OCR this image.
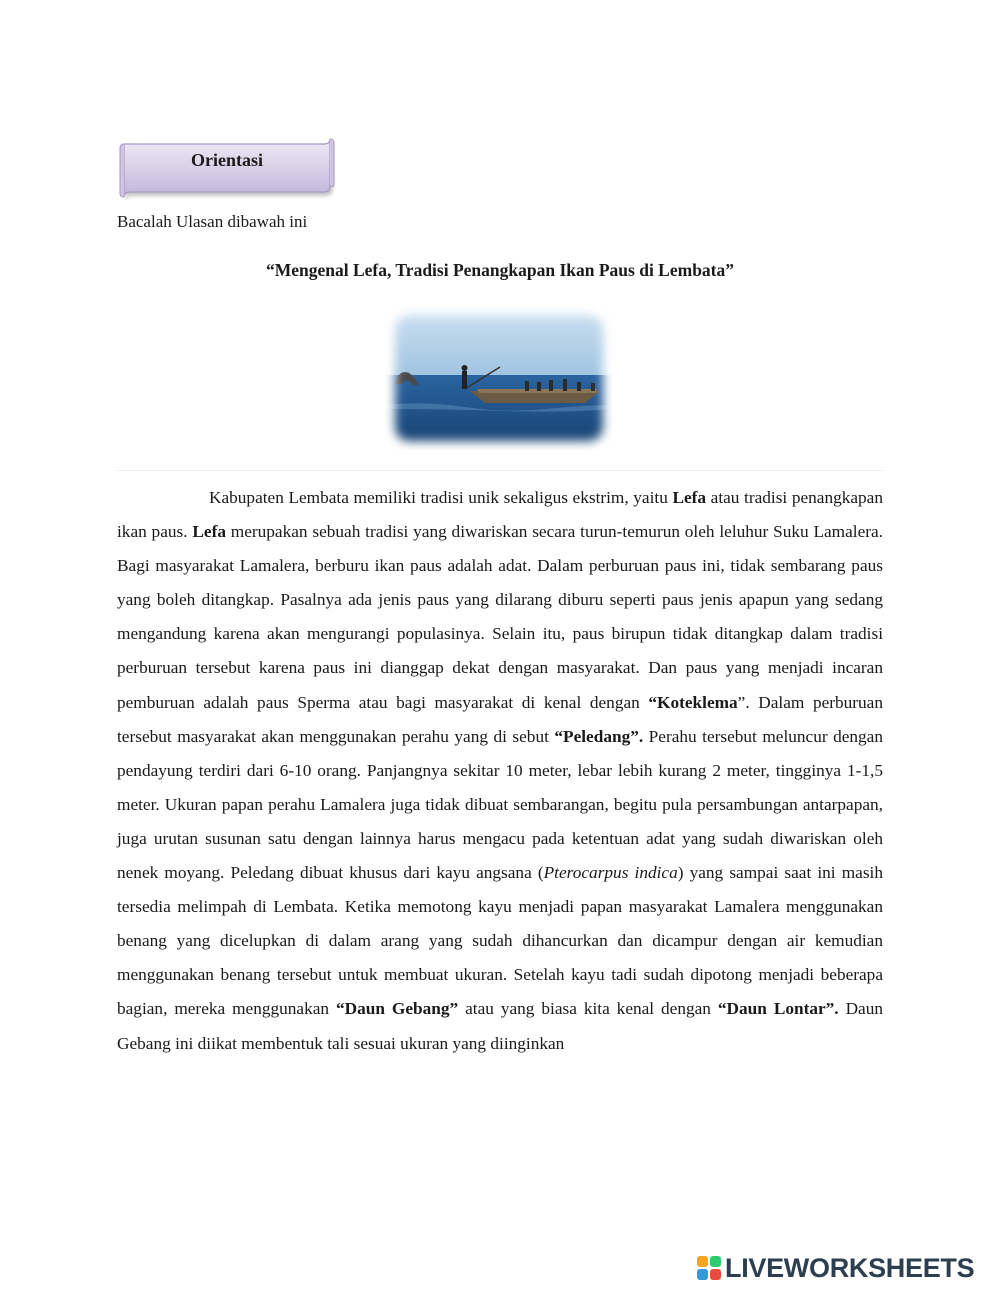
Orientasi
Bacalah Ulasan dibawah ini
“Mengenal Lefa, Tradisi Penangkapan Ikan Paus di Lembata”

Kabupaten Lembata memiliki tradisi unik sekaligus ekstrim, yaitu Lefa atau tradisi penangkapan ikan paus. Lefa merupakan sebuah tradisi yang diwariskan secara turun-temurun oleh leluhur Suku Lamalera. Bagi masyarakat Lamalera, berburu ikan paus adalah adat. Dalam perburuan paus ini, tidak sembarang paus yang boleh ditangkap. Pasalnya ada jenis paus yang dilarang diburu seperti paus jenis apapun yang sedang mengandung karena akan mengurangi populasinya. Selain itu, paus birupun tidak ditangkap dalam tradisi perburuan tersebut karena paus ini dianggap dekat dengan masyarakat. Dan paus yang menjadi incaran pemburuan adalah paus Sperma atau bagi masyarakat di kenal dengan “Koteklema”. Dalam perburuan tersebut masyarakat akan menggunakan perahu yang di sebut “Peledang”. Perahu tersebut meluncur dengan pendayung terdiri dari 6-10 orang. Panjangnya sekitar 10 meter, lebar lebih kurang 2 meter, tingginya 1-1,5 meter. Ukuran papan perahu Lamalera juga tidak dibuat sembarangan, begitu pula persambungan antarpapan, juga urutan susunan satu dengan lainnya harus mengacu pada ketentuan adat yang sudah diwariskan oleh nenek moyang. Peledang dibuat khusus dari kayu angsana (Pterocarpus indica) yang sampai saat ini masih tersedia melimpah di Lembata. Ketika memotong kayu menjadi papan masyarakat Lamalera menggunakan benang yang dicelupkan di dalam arang yang sudah dihancurkan dan dicampur dengan air kemudian menggunakan benang tersebut untuk membuat ukuran. Setelah kayu tadi sudah dipotong menjadi beberapa bagian, mereka menggunakan “Daun Gebang” atau yang biasa kita kenal dengan “Daun Lontar”. Daun Gebang ini diikat membentuk tali sesuai ukuran yang diinginkan

LIVEWORKSHEETS
